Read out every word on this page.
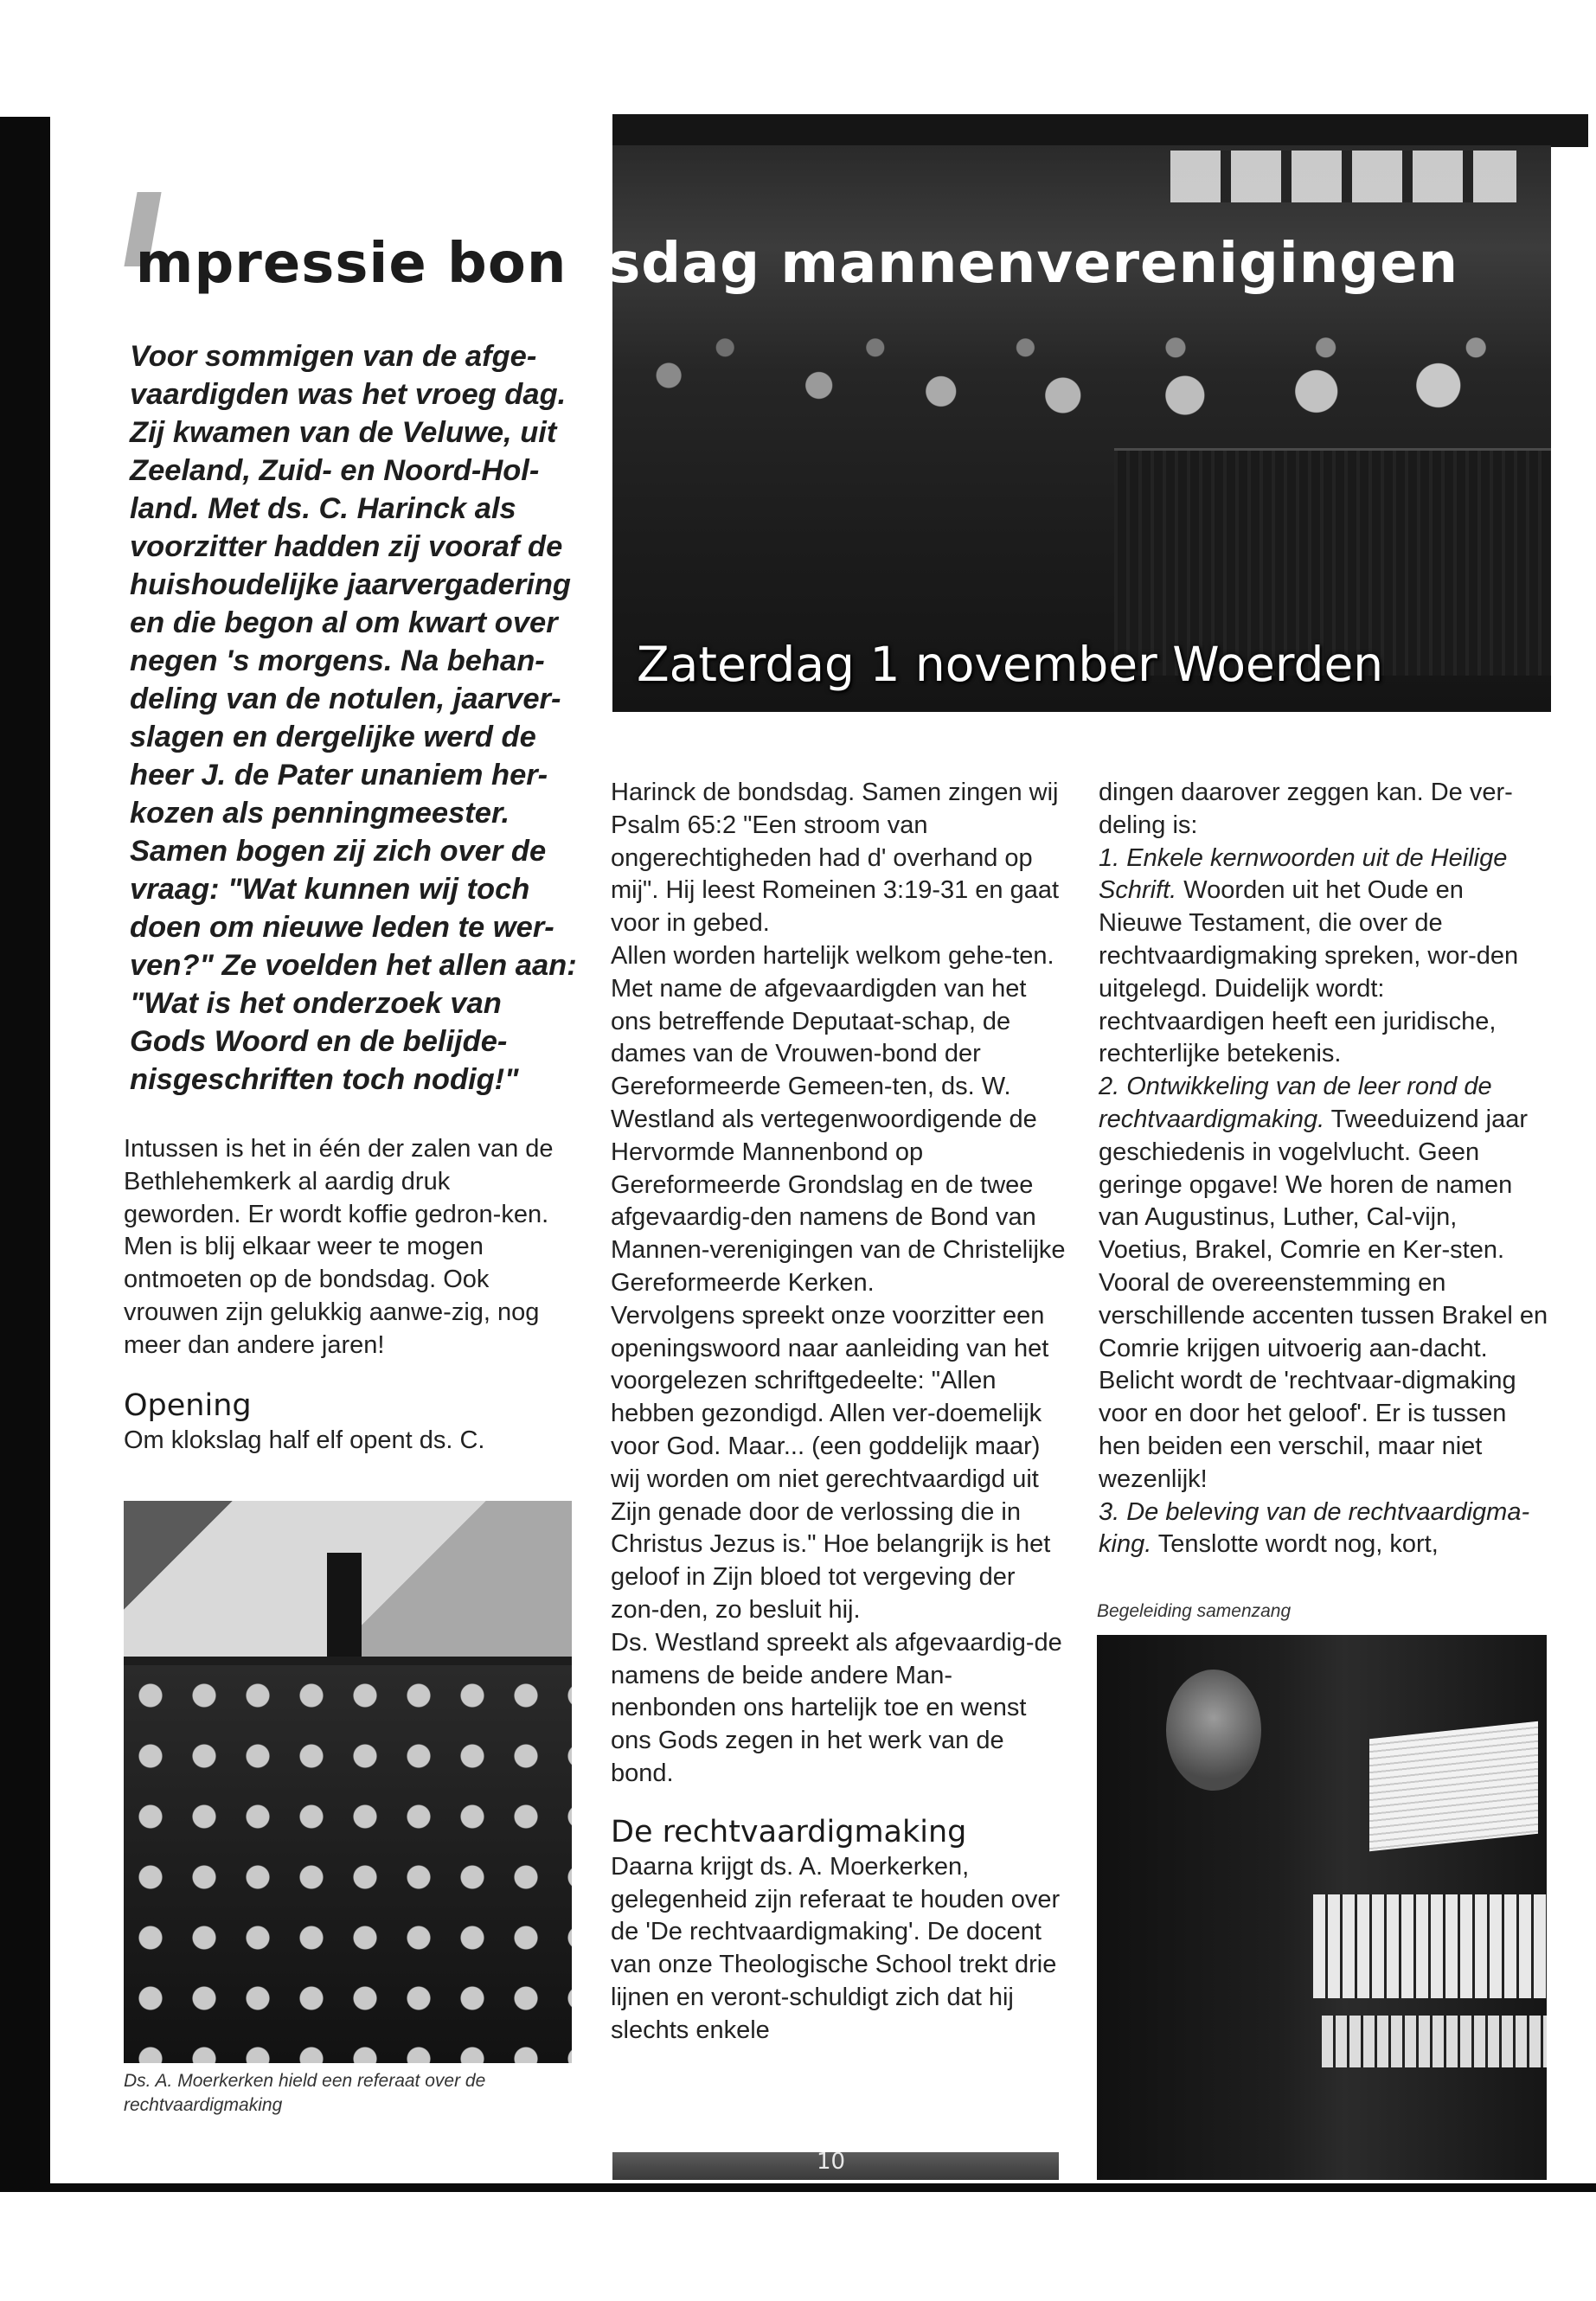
Zaterdag 1 november Woerden
mpressie bondsdag mannenverenigingen
Voor sommigen van de afge-vaardigden was het vroeg dag. Zij kwamen van de Veluwe, uit Zeeland, Zuid- en Noord-Hol-land. Met ds. C. Harinck als voorzitter hadden zij vooraf de huishoudelijke jaarvergadering en die begon al om kwart over negen 's morgens. Na behan-deling van de notulen, jaarver-slagen en dergelijke werd de heer J. de Pater unaniem her-kozen als penningmeester. Samen bogen zij zich over de vraag: "Wat kunnen wij toch doen om nieuwe leden te wer-ven?" Ze voelden het allen aan: "Wat is het onderzoek van Gods Woord en de belijde-nisgeschriften toch nodig!"

Intussen is het in één der zalen van de Bethlehemkerk al aardig druk geworden. Er wordt koffie gedron-ken. Men is blij elkaar weer te mogen ontmoeten op de bondsdag. Ook vrouwen zijn gelukkig aanwe-zig, nog meer dan andere jaren!

Opening

Om klokslag half elf opent ds. C.

Ds. A. Moerkerken hield een referaat over de rechtvaardigmaking

Harinck de bondsdag. Samen zingen wij Psalm 65:2 "Een stroom van ongerechtigheden had d' overhand op mij". Hij leest Romeinen 3:19-31 en gaat voor in gebed.

Allen worden hartelijk welkom gehe-ten. Met name de afgevaardigden van het ons betreffende Deputaat-schap, de dames van de Vrouwen-bond der Gereformeerde Gemeen-ten, ds. W. Westland als vertegenwoordigende de Hervormde Mannenbond op Gereformeerde Grondslag en de twee afgevaardig-den namens de Bond van Mannen-verenigingen van de Christelijke Gereformeerde Kerken.

Vervolgens spreekt onze voorzitter een openingswoord naar aanleiding van het voorgelezen schriftgedeelte: "Allen hebben gezondigd. Allen ver-doemelijk voor God. Maar... (een goddelijk maar) wij worden om niet gerechtvaardigd uit Zijn genade door de verlossing die in Christus Jezus is." Hoe belangrijk is het geloof in Zijn bloed tot vergeving der zon-den, zo besluit hij.

Ds. Westland spreekt als afgevaardig-de namens de beide andere Man-nenbonden ons hartelijk toe en wenst ons Gods zegen in het werk van de bond.

De rechtvaardigmaking

Daarna krijgt ds. A. Moerkerken, gelegenheid zijn referaat te houden over de 'De rechtvaardigmaking'. De docent van onze Theologische School trekt drie lijnen en veront-schuldigt zich dat hij slechts enkele

dingen daarover zeggen kan. De ver-deling is:

1. Enkele kernwoorden uit de Heilige Schrift. Woorden uit het Oude en Nieuwe Testament, die over de rechtvaardigmaking spreken, wor-den uitgelegd. Duidelijk wordt: rechtvaardigen heeft een juridische, rechterlijke betekenis.

2. Ontwikkeling van de leer rond de rechtvaardigmaking. Tweeduizend jaar geschiedenis in vogelvlucht. Geen geringe opgave! We horen de namen van Augustinus, Luther, Cal-vijn, Voetius, Brakel, Comrie en Ker-sten. Vooral de overeenstemming en verschillende accenten tussen Brakel en Comrie krijgen uitvoerig aan-dacht. Belicht wordt de 'rechtvaar-digmaking voor en door het geloof'. Er is tussen hen beiden een verschil, maar niet wezenlijk!

3. De beleving van de rechtvaardigma-king. Tenslotte wordt nog, kort,

Begeleiding samenzang
10
